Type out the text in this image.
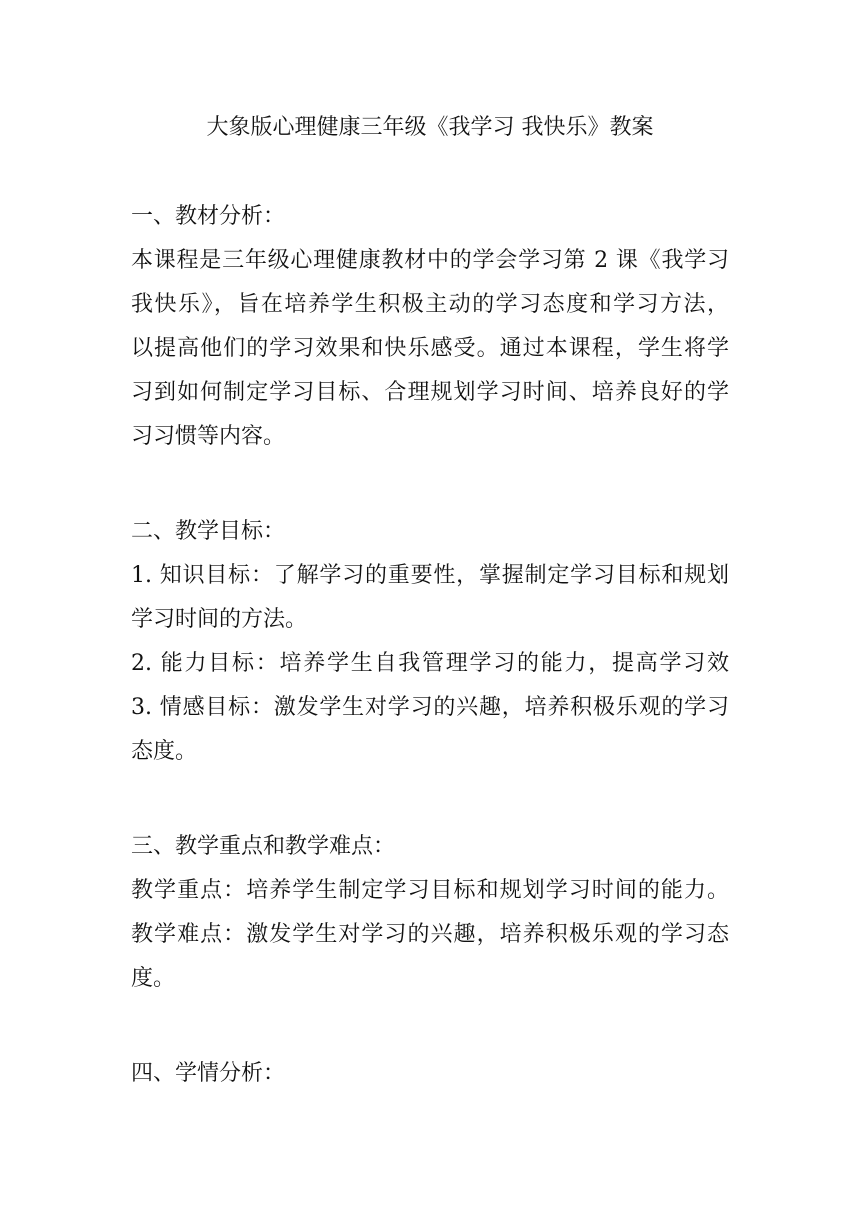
大象版心理健康三年级《我学习 我快乐》教案
一、教材分析：
本课程是三年级心理健康教材中的学会学习第 2 课《我学习
我快乐》，旨在培养学生积极主动的学习态度和学习方法，
以提高他们的学习效果和快乐感受。通过本课程，学生将学
习到如何制定学习目标、合理规划学习时间、培养良好的学
习习惯等内容。
二、教学目标：
1. 知识目标：了解学习的重要性，掌握制定学习目标和规划
学习时间的方法。
2. 能力目标：培养学生自我管理学习的能力，提高学习效
3. 情感目标：激发学生对学习的兴趣，培养积极乐观的学习
态度。
三、教学重点和教学难点：
教学重点：培养学生制定学习目标和规划学习时间的能力。
教学难点：激发学生对学习的兴趣，培养积极乐观的学习态
度。
四、学情分析：
